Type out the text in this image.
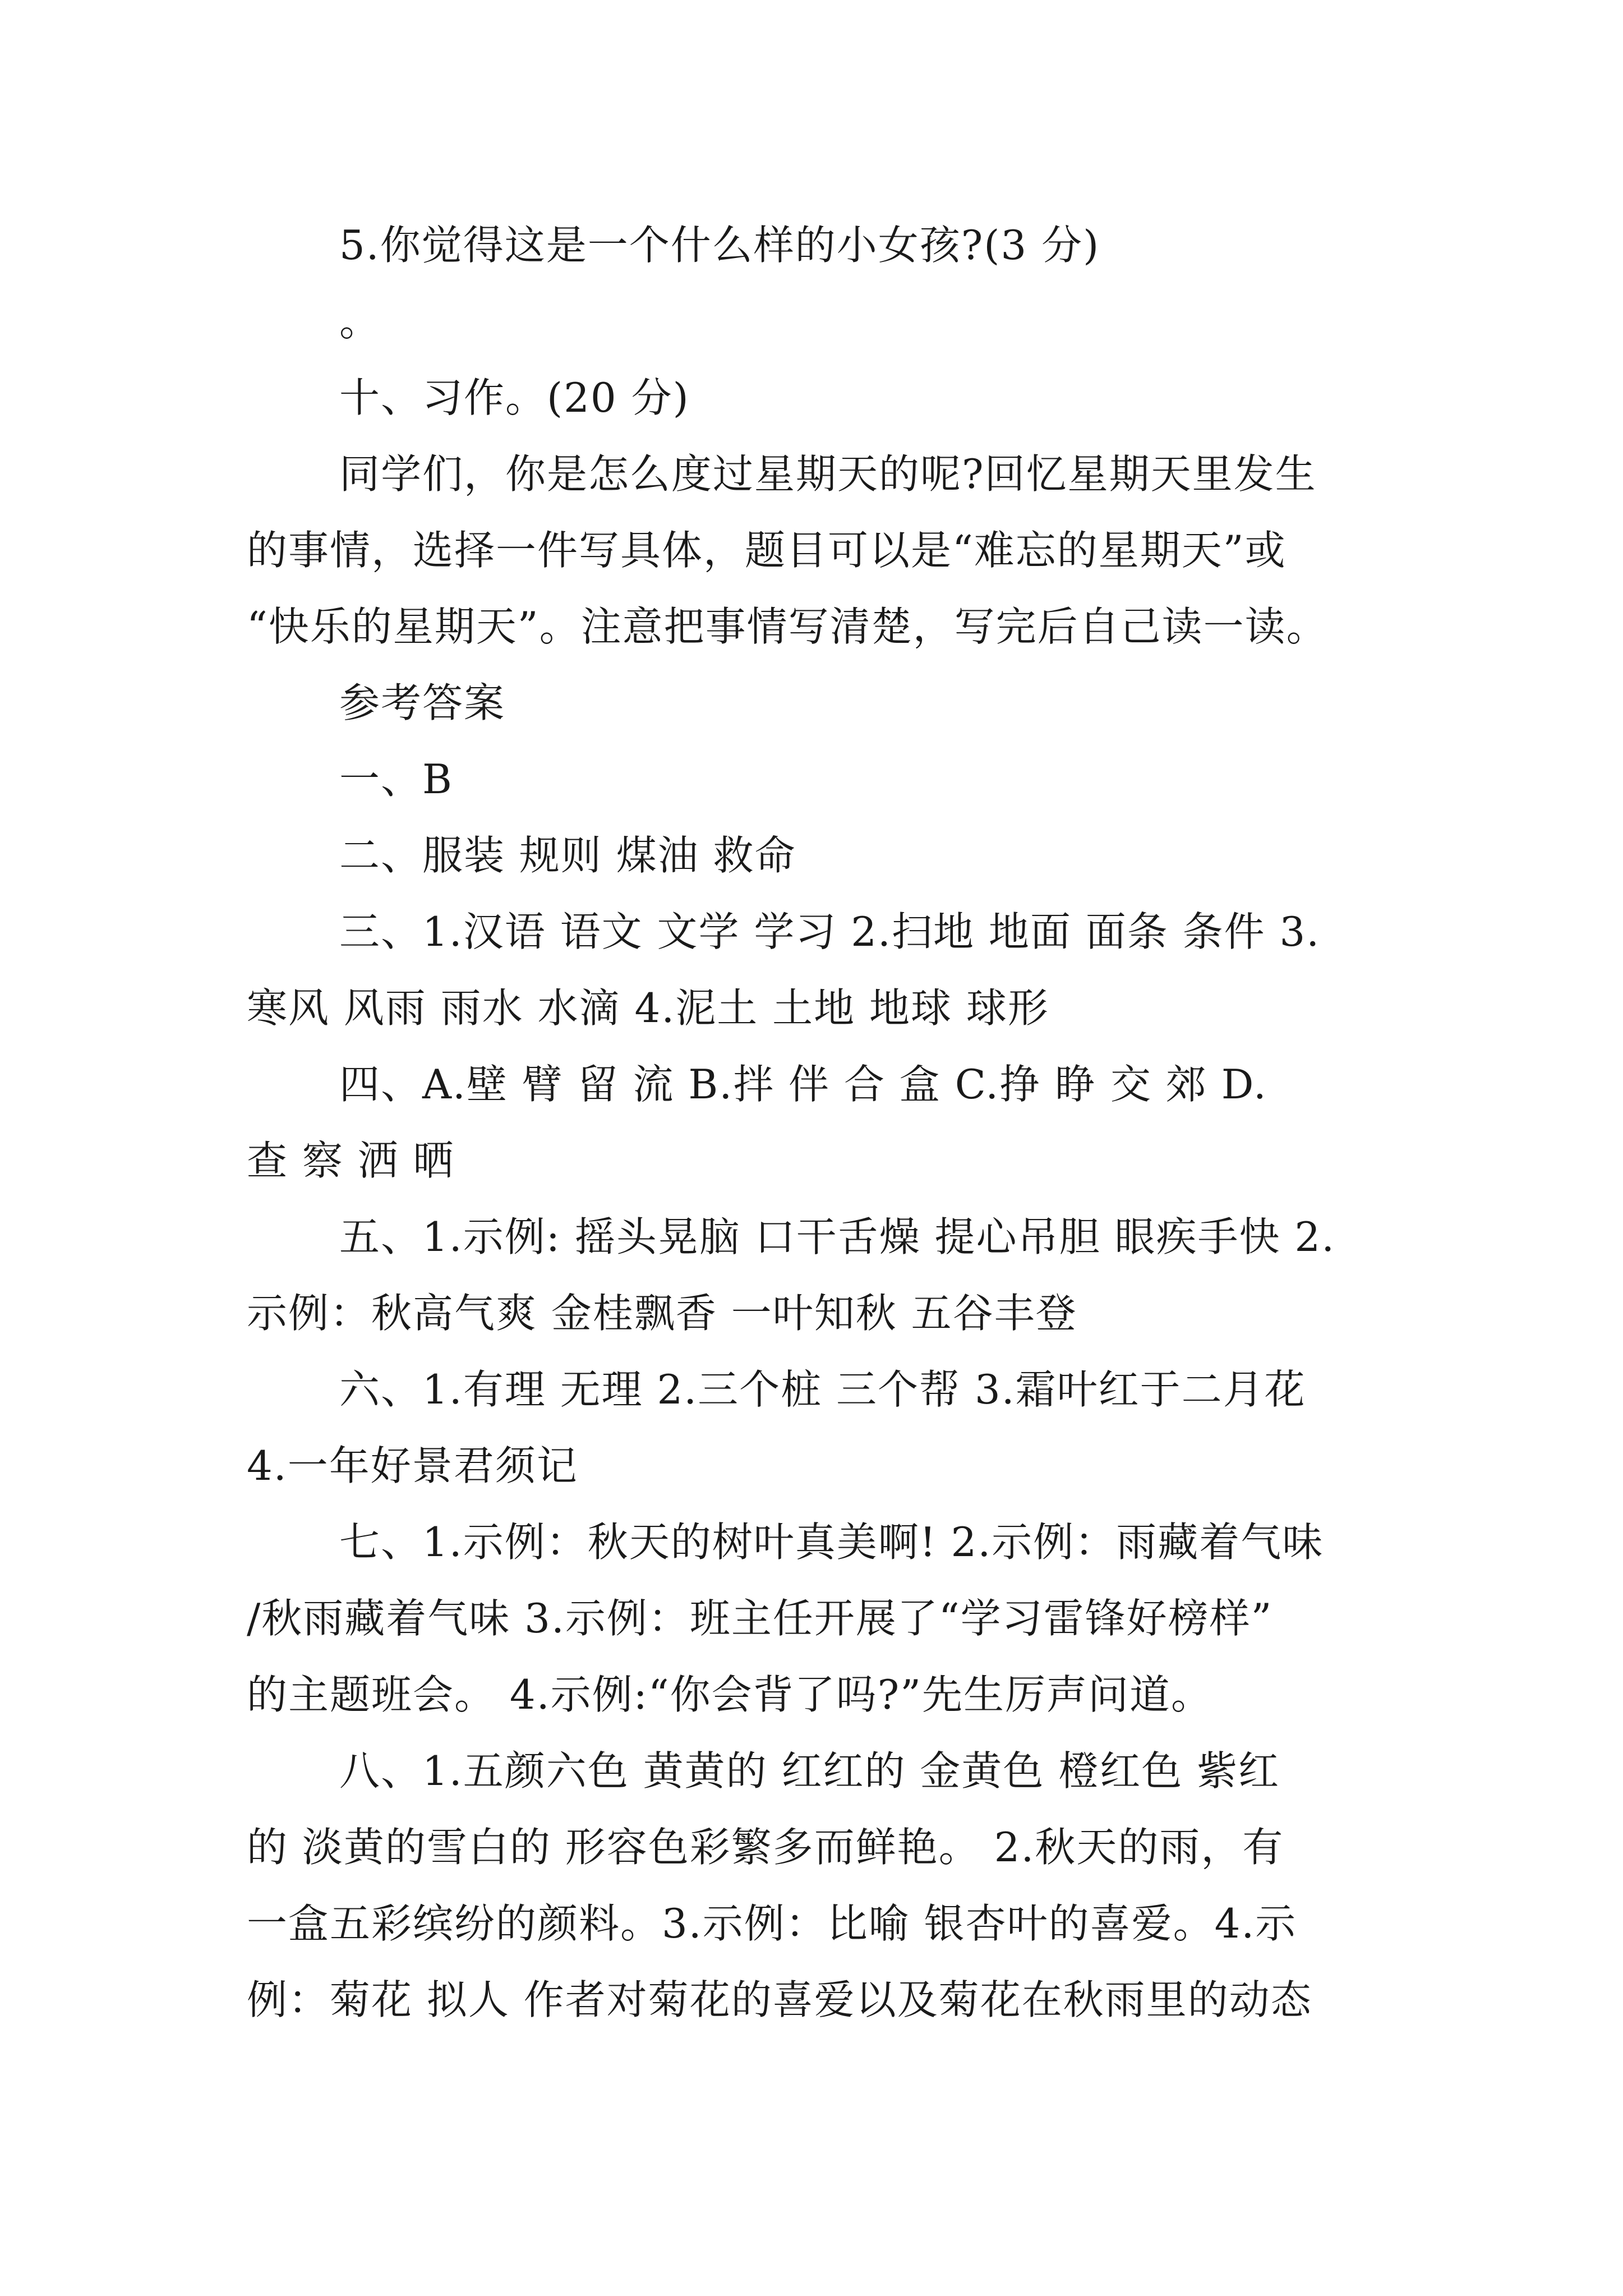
5.你觉得这是一个什么样的小女孩?(3 分)
。
十、习作。(20 分)
同学们，你是怎么度过星期天的呢?回忆星期天里发生
的事情，选择一件写具体，题目可以是“难忘的星期天”或
“快乐的星期天”。注意把事情写清楚，写完后自己读一读。
参考答案
一、B
二、服装 规则 煤油 救命
三、1.汉语 语文 文学 学习 2.扫地 地面 面条 条件 3.
寒风 风雨 雨水 水滴 4.泥土 土地 地球 球形
四、A.壁 臂 留 流 B.拌 伴 合 盒 C.挣 睁 交 郊 D.
查 察 洒 晒
五、1.示例: 摇头晃脑 口干舌燥 提心吊胆 眼疾手快 2.
示例：秋高气爽 金桂飘香 一叶知秋 五谷丰登
六、1.有理 无理 2.三个桩 三个帮 3.霜叶红于二月花
4.一年好景君须记
七、1.示例：秋天的树叶真美啊! 2.示例：雨藏着气味
/秋雨藏着气味 3.示例：班主任开展了“学习雷锋好榜样”
的主题班会。 4.示例:“你会背了吗?”先生厉声问道。
八、1.五颜六色 黄黄的 红红的 金黄色 橙红色 紫红
的 淡黄的雪白的 形容色彩繁多而鲜艳。 2.秋天的雨，有
一盒五彩缤纷的颜料。3.示例：比喻 银杏叶的喜爱。4.示
例：菊花 拟人 作者对菊花的喜爱以及菊花在秋雨里的动态
